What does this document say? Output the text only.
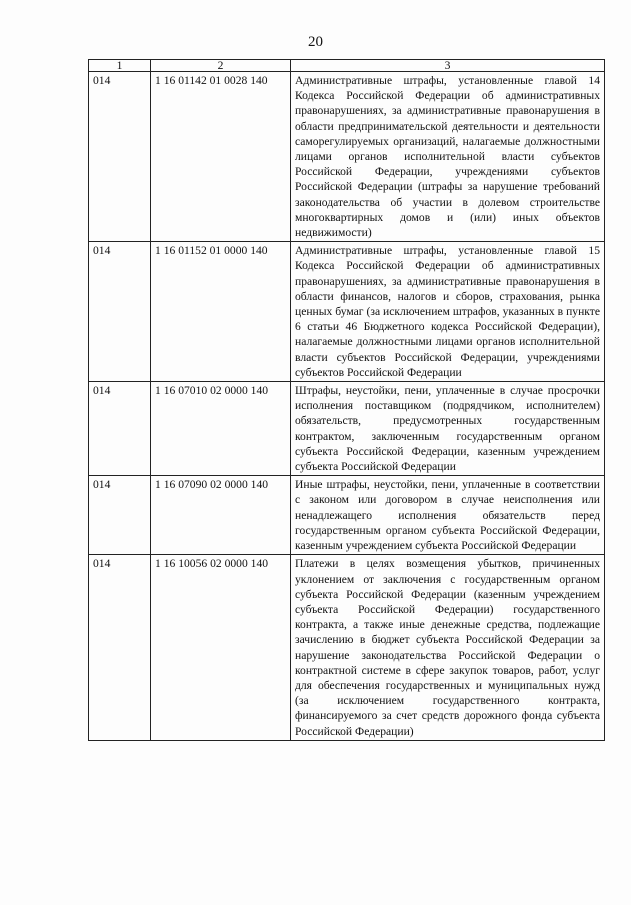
20
1	2	3
014	1 16 01142 01 0028 140	Административные штрафы, установленные главой 14 Кодекса Российской Федерации об административных правонарушениях, за административные правонарушения в области предпринимательской деятельности и деятельности саморегулируемых организаций, налагаемые должностными лицами органов исполнительной власти субъектов Российской Федерации, учреждениями субъектов Российской Федерации (штрафы за нарушение требований законодательства об участии в долевом строительстве многоквартирных домов и (или) иных объектов недвижимости)
014	1 16 01152 01 0000 140	Административные штрафы, установленные главой 15 Кодекса Российской Федерации об административных правонарушениях, за административные правонарушения в области финансов, налогов и сборов, страхования, рынка ценных бумаг (за исключением штрафов, указанных в пункте 6 статьи 46 Бюджетного кодекса Российской Федерации), налагаемые должностными лицами органов исполнительной власти субъектов Российской Федерации, учреждениями субъектов Российской Федерации
014	1 16 07010 02 0000 140	Штрафы, неустойки, пени, уплаченные в случае просрочки исполнения поставщиком (подрядчиком, исполнителем) обязательств, предусмотренных государственным контрактом, заключенным государственным органом субъекта Российской Федерации, казенным учреждением субъекта Российской Федерации
014	1 16 07090 02 0000 140	Иные штрафы, неустойки, пени, уплаченные в соответствии с законом или договором в случае неисполнения или ненадлежащего исполнения обязательств перед государственным органом субъекта Российской Федерации, казенным учреждением субъекта Российской Федерации
014	1 16 10056 02 0000 140	Платежи в целях возмещения убытков, причиненных уклонением от заключения с государственным органом субъекта Российской Федерации (казенным учреждением субъекта Российской Федерации) государственного контракта, а также иные денежные средства, подлежащие зачислению в бюджет субъекта Российской Федерации за нарушение законодательства Российской Федерации о контрактной системе в сфере закупок товаров, работ, услуг для обеспечения государственных и муниципальных нужд (за исключением государственного контракта, финансируемого за счет средств дорожного фонда субъекта Российской Федерации)
